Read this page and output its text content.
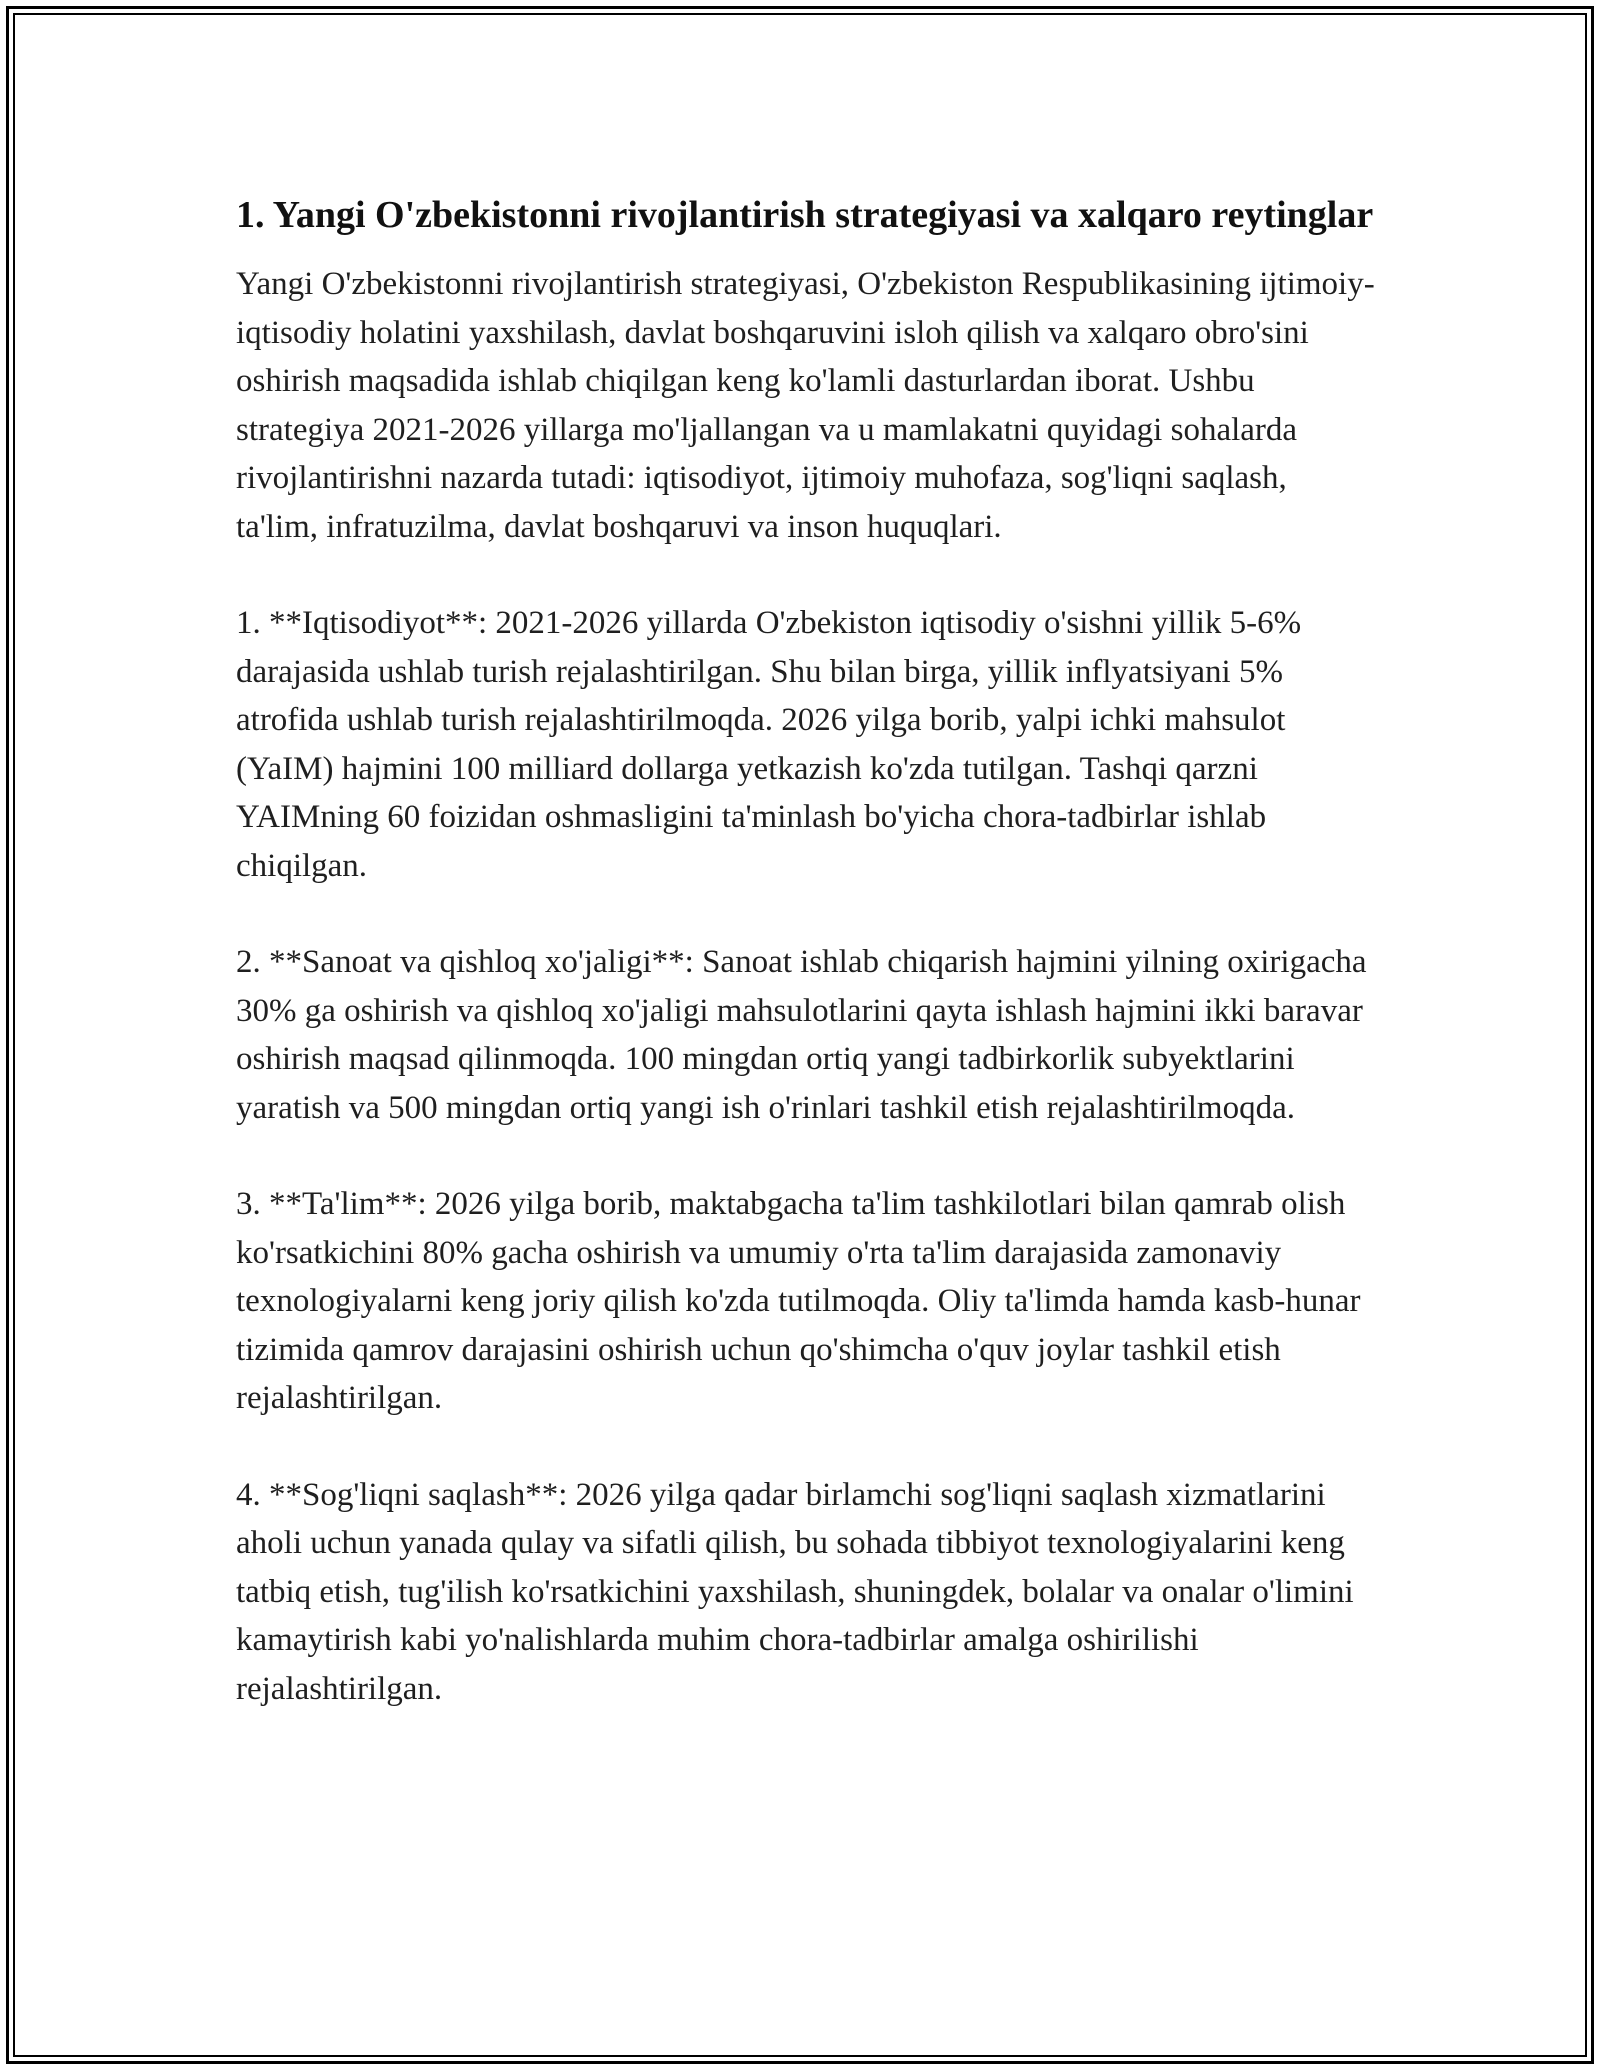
1. Yangi O'zbekistonni rivojlantirish strategiyasi va xalqaro reytinglar

Yangi O'zbekistonni rivojlantirish strategiyasi, O'zbekiston Respublikasining ijtimoiy-iqtisodiy holatini yaxshilash, davlat boshqaruvini isloh qilish va xalqaro obro'sini oshirish maqsadida ishlab chiqilgan keng ko'lamli dasturlardan iborat. Ushbu strategiya 2021-2026 yillarga mo'ljallangan va u mamlakatni quyidagi sohalarda rivojlantirishni nazarda tutadi: iqtisodiyot, ijtimoiy muhofaza, sog'liqni saqlash, ta'lim, infratuzilma, davlat boshqaruvi va inson huquqlari.

1. **Iqtisodiyot**: 2021-2026 yillarda O'zbekiston iqtisodiy o'sishni yillik 5-6% darajasida ushlab turish rejalashtirilgan. Shu bilan birga, yillik inflyatsiyani 5% atrofida ushlab turish rejalashtirilmoqda. 2026 yilga borib, yalpi ichki mahsulot (YaIM) hajmini 100 milliard dollarga yetkazish ko'zda tutilgan. Tashqi qarzni YAIMning 60 foizidan oshmasligini ta'minlash bo'yicha chora-tadbirlar ishlab chiqilgan.

2. **Sanoat va qishloq xo'jaligi**: Sanoat ishlab chiqarish hajmini yilning oxirigacha 30% ga oshirish va qishloq xo'jaligi mahsulotlarini qayta ishlash hajmini ikki baravar oshirish maqsad qilinmoqda. 100 mingdan ortiq yangi tadbirkorlik subyektlarini yaratish va 500 mingdan ortiq yangi ish o'rinlari tashkil etish rejalashtirilmoqda.

3. **Ta'lim**: 2026 yilga borib, maktabgacha ta'lim tashkilotlari bilan qamrab olish ko'rsatkichini 80% gacha oshirish va umumiy o'rta ta'lim darajasida zamonaviy texnologiyalarni keng joriy qilish ko'zda tutilmoqda. Oliy ta'limda hamda kasb-hunar tizimida qamrov darajasini oshirish uchun qo'shimcha o'quv joylar tashkil etish rejalashtirilgan.

4. **Sog'liqni saqlash**: 2026 yilga qadar birlamchi sog'liqni saqlash xizmatlarini aholi uchun yanada qulay va sifatli qilish, bu sohada tibbiyot texnologiyalarini keng tatbiq etish, tug'ilish ko'rsatkichini yaxshilash, shuningdek, bolalar va onalar o'limini kamaytirish kabi yo'nalishlarda muhim chora-tadbirlar amalga oshirilishi rejalashtirilgan.
